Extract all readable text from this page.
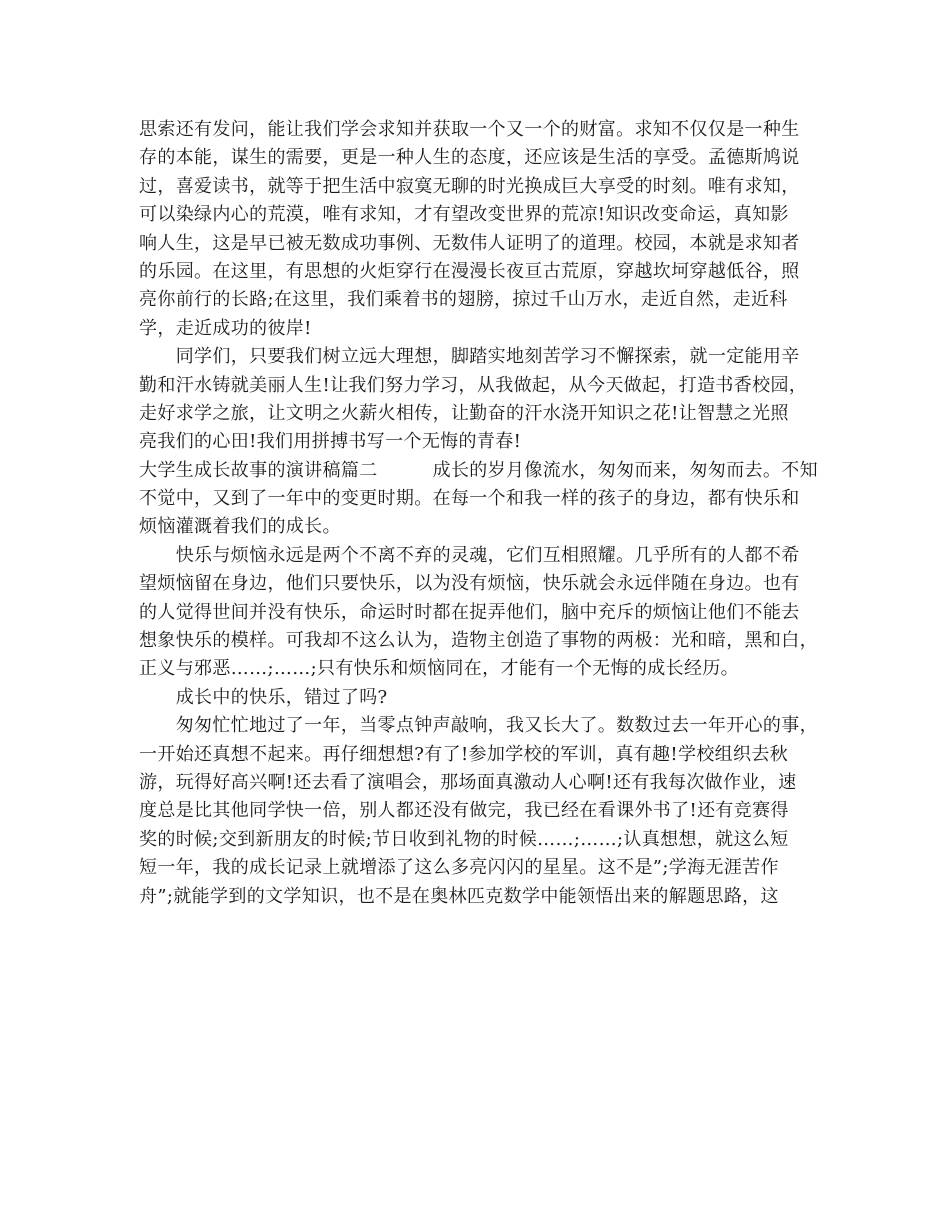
思索还有发问，能让我们学会求知并获取一个又一个的财富。求知不仅仅是一种生
存的本能，谋生的需要，更是一种人生的态度，还应该是生活的享受。孟德斯鸠说
过，喜爱读书，就等于把生活中寂寞无聊的时光换成巨大享受的时刻。唯有求知，
可以染绿内心的荒漠，唯有求知，才有望改变世界的荒凉!知识改变命运，真知影
响人生，这是早已被无数成功事例、无数伟人证明了的道理。校园，本就是求知者
的乐园。在这里，有思想的火炬穿行在漫漫长夜亘古荒原，穿越坎坷穿越低谷，照
亮你前行的长路;在这里，我们乘着书的翅膀，掠过千山万水，走近自然，走近科
学，走近成功的彼岸!
　　同学们，只要我们树立远大理想，脚踏实地刻苦学习不懈探索，就一定能用辛
勤和汗水铸就美丽人生!让我们努力学习，从我做起，从今天做起，打造书香校园，
走好求学之旅，让文明之火薪火相传，让勤奋的汗水浇开知识之花!让智慧之光照
亮我们的心田!我们用拼搏书写一个无悔的青春!
大学生成长故事的演讲稿篇二　　　成长的岁月像流水，匆匆而来，匆匆而去。不知
不觉中，又到了一年中的变更时期。在每一个和我一样的孩子的身边，都有快乐和
烦恼灌溉着我们的成长。
　　快乐与烦恼永远是两个不离不弃的灵魂，它们互相照耀。几乎所有的人都不希
望烦恼留在身边，他们只要快乐，以为没有烦恼，快乐就会永远伴随在身边。也有
的人觉得世间并没有快乐，命运时时都在捉弄他们，脑中充斥的烦恼让他们不能去
想象快乐的模样。可我却不这么认为，造物主创造了事物的两极：光和暗，黑和白，
正义与邪恶……;……;只有快乐和烦恼同在，才能有一个无悔的成长经历。
　　成长中的快乐，错过了吗?
　　匆匆忙忙地过了一年，当零点钟声敲响，我又长大了。数数过去一年开心的事，
一开始还真想不起来。再仔细想想?有了!参加学校的军训，真有趣!学校组织去秋
游，玩得好高兴啊!还去看了演唱会，那场面真激动人心啊!还有我每次做作业，速
度总是比其他同学快一倍，别人都还没有做完，我已经在看课外书了!还有竞赛得
奖的时候;交到新朋友的时候;节日收到礼物的时候……;……;认真想想，就这么短
短一年，我的成长记录上就增添了这么多亮闪闪的星星。这不是”;学海无涯苦作
舟”;就能学到的文学知识，也不是在奥林匹克数学中能领悟出来的解题思路，这
